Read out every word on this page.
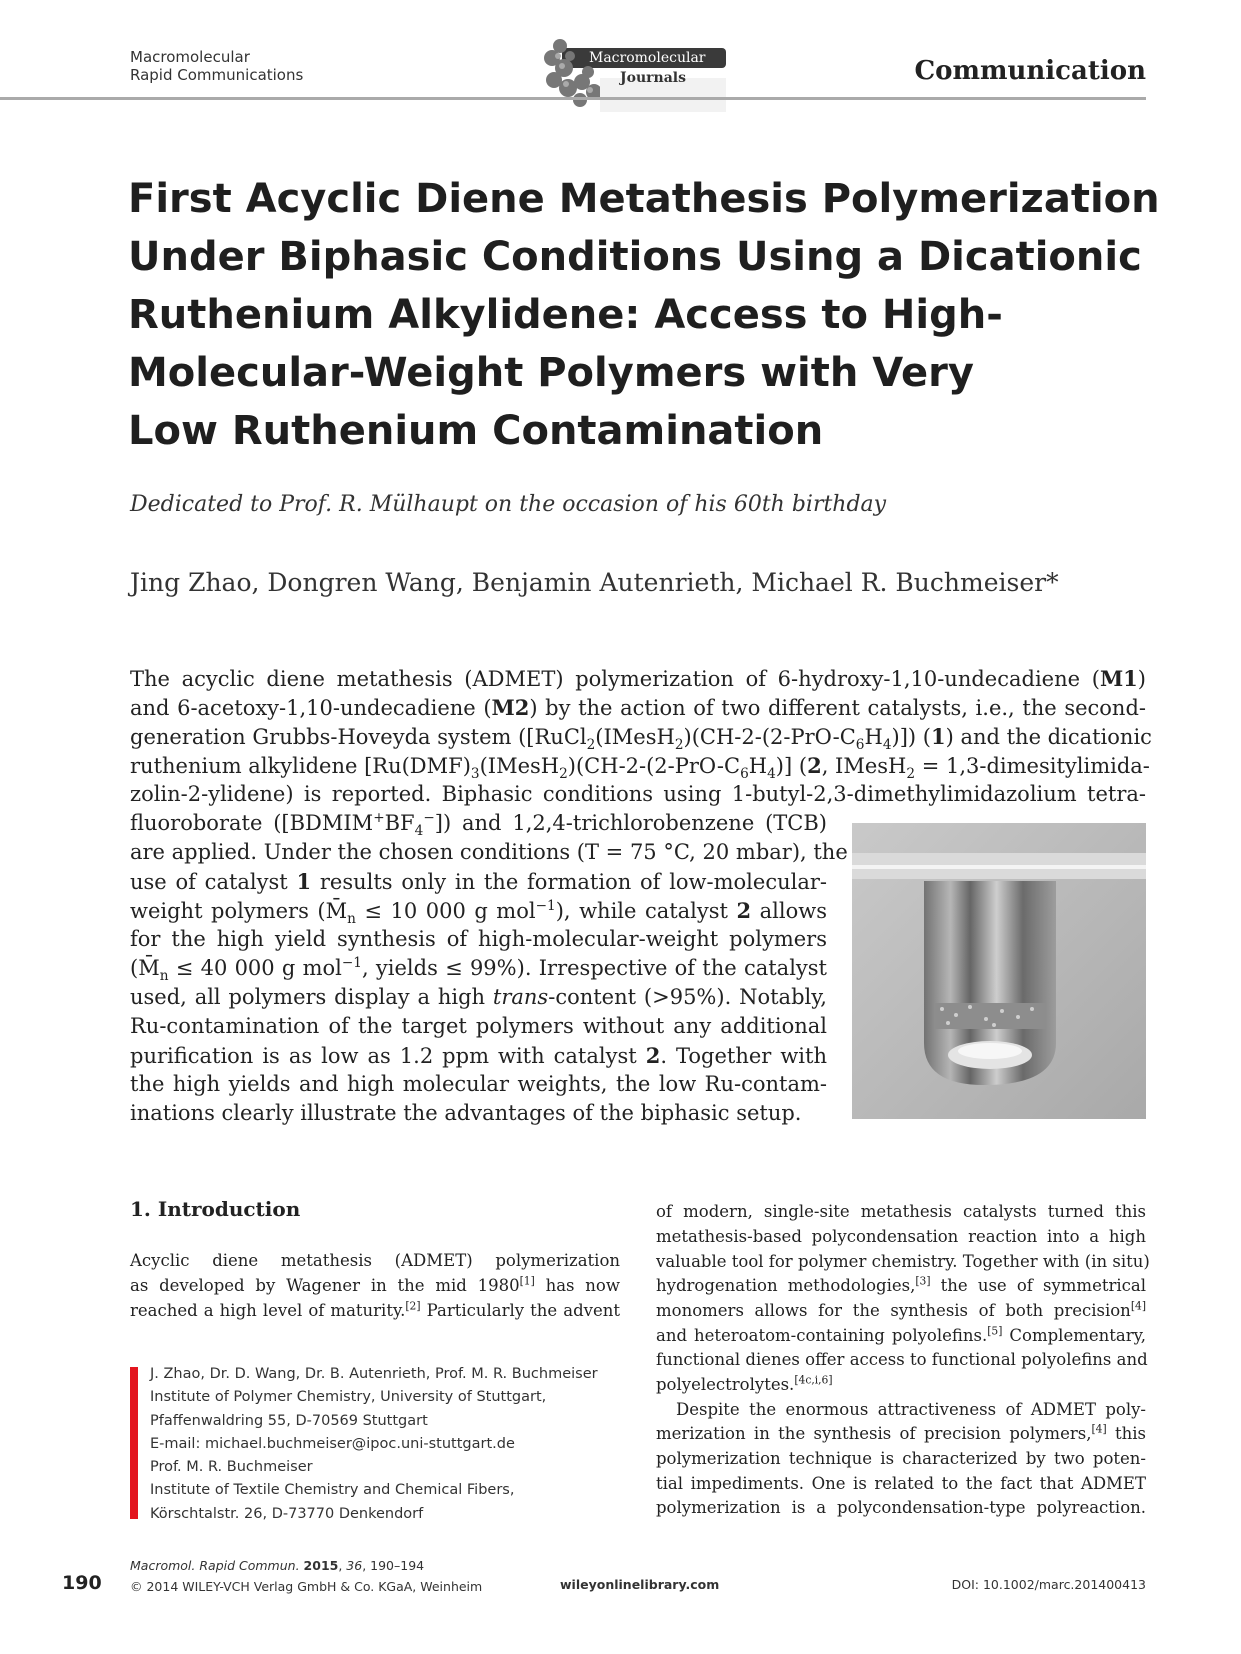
Macromolecular
Rapid Communications
Macromolecular
Journals	Communication
First Acyclic Diene Metathesis Polymerization
Under Biphasic Conditions Using a Dicationic
Ruthenium Alkylidene: Access to High-
Molecular-Weight Polymers with Very
Low Ruthenium Contamination
Dedicated to Prof. R. Mülhaupt on the occasion of his 60th birthday
Jing Zhao, Dongren Wang, Benjamin Autenrieth, Michael R. Buchmeiser*
The acyclic diene metathesis (ADMET) polymerization of 6-hydroxy-1,10-undecadiene (M1)
and 6-acetoxy-1,10-undecadiene (M2) by the action of two different catalysts, i.e., the second-
generation Grubbs-Hoveyda system ($[RuCl_2(IMesH_2)(CH-2-(2-PrO-C_6H_4)])$ (1) and the dicationic
ruthenium alkylidene [$Ru(DMF)_3(IMesH_2)(CH-2-(2-PrO-C_6H_4)]$ (2, IMesH$_2$ = 1,3-dimesitylimida-
zolin-2-ylidene) is reported. Biphasic conditions using 1-butyl-2,3-dimethylimidazolium tetra-
fluoroborate $([BDMIM^+BF_4^-])$ and 1,2,4-trichlorobenzene (TCB)
are applied. Under the chosen conditions (T = 75 °C, 20 mbar), the
use of catalyst 1 results only in the formation of low-molecular-
weight polymers ($M̄_n \le 10$ 000 g mol$^{-1}$), while catalyst 2 allows
for the high yield synthesis of high-molecular-weight polymers
($M̄_n \le 40$ 000 g mol$^{-1}$, yields ≤ 99%). Irrespective of the catalyst
used, all polymers display a high trans-content (>95%). Notably,
Ru-contamination of the target polymers without any additional
purification is as low as 1.2 ppm with catalyst 2. Together with
the high yields and high molecular weights, the low Ru-contam-
inations clearly illustrate the advantages of the biphasic setup.
1. Introduction
Acyclic diene metathesis (ADMET) polymerization
as developed by Wagener in the mid 1980[1] has now
reached a high level of maturity.[2] Particularly the advent
of modern, single-site metathesis catalysts turned this
metathesis-based polycondensation reaction into a high
valuable tool for polymer chemistry. Together with (in situ)
hydrogenation methodologies,[3] the use of symmetrical
monomers allows for the synthesis of both precision[4]
and heteroatom-containing polyolefins.[5] Complementary,
functional dienes offer access to functional polyolefins and
polyelectrolytes.[4c,i,6]
Despite the enormous attractiveness of ADMET poly-
merization in the synthesis of precision polymers,[4] this
polymerization technique is characterized by two poten-
tial impediments. One is related to the fact that ADMET
polymerization is a polycondensation-type polyreaction.
J. Zhao, Dr. D. Wang, Dr. B. Autenrieth, Prof. M. R. Buchmeiser
Institute of Polymer Chemistry, University of Stuttgart,
Pfaffenwaldring 55, D-70569 Stuttgart
E-mail: michael.buchmeiser@ipoc.uni-stuttgart.de
Prof. M. R. Buchmeiser
Institute of Textile Chemistry and Chemical Fibers,
Körschtalstr. 26, D-73770 Denkendorf
190
Macromol. Rapid Commun. 2015, 36, 190–194
© 2014 WILEY-VCH Verlag GmbH & Co. KGaA, Weinheim	wileyonlinelibrary.com	DOI: 10.1002/marc.201400413
